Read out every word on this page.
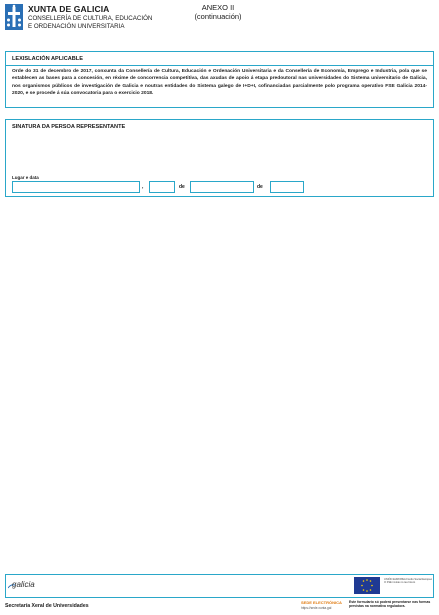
XUNTA DE GALICIA
CONSELLERÍA DE CULTURA, EDUCACIÓN
E ORDENACIÓN UNIVERSITARIA
ANEXO II
(continuación)
LEXISLACIÓN APLICABLE
Orde do 31 de decembro de 2017, conxunta da Consellería de Cultura, Educación e Ordenación Universitaria e da Consellería de Economía, Emprego e Industria, pola que se establecen as bases para a concesión, en réxime de concorrencia competitiva, das axudas de apoio á etapa predoutoral nas universidades do Sistema universitario de Galicia, nos organismos públicos de investigación de Galicia e noutras entidades do Sistema galego de I+D+I, cofinanciadas parcialmente polo programa operativo FSE Galicia 2014-2020, e se procede á súa convocatoria para o exercicio 2018.
SINATURA DA PERSOA REPRESENTANTE
Lugar e data
,	de	de
galicia
UNIÓN EUROPEA Fondo Social Europeo O FSE inviste no teu futuro
Secretaría Xeral de Universidades
SEDE ELECTRÓNICA
https://sede.xunta.gal
Este formulario só poderá presentarse nas formas previstas na normativa reguladora.
